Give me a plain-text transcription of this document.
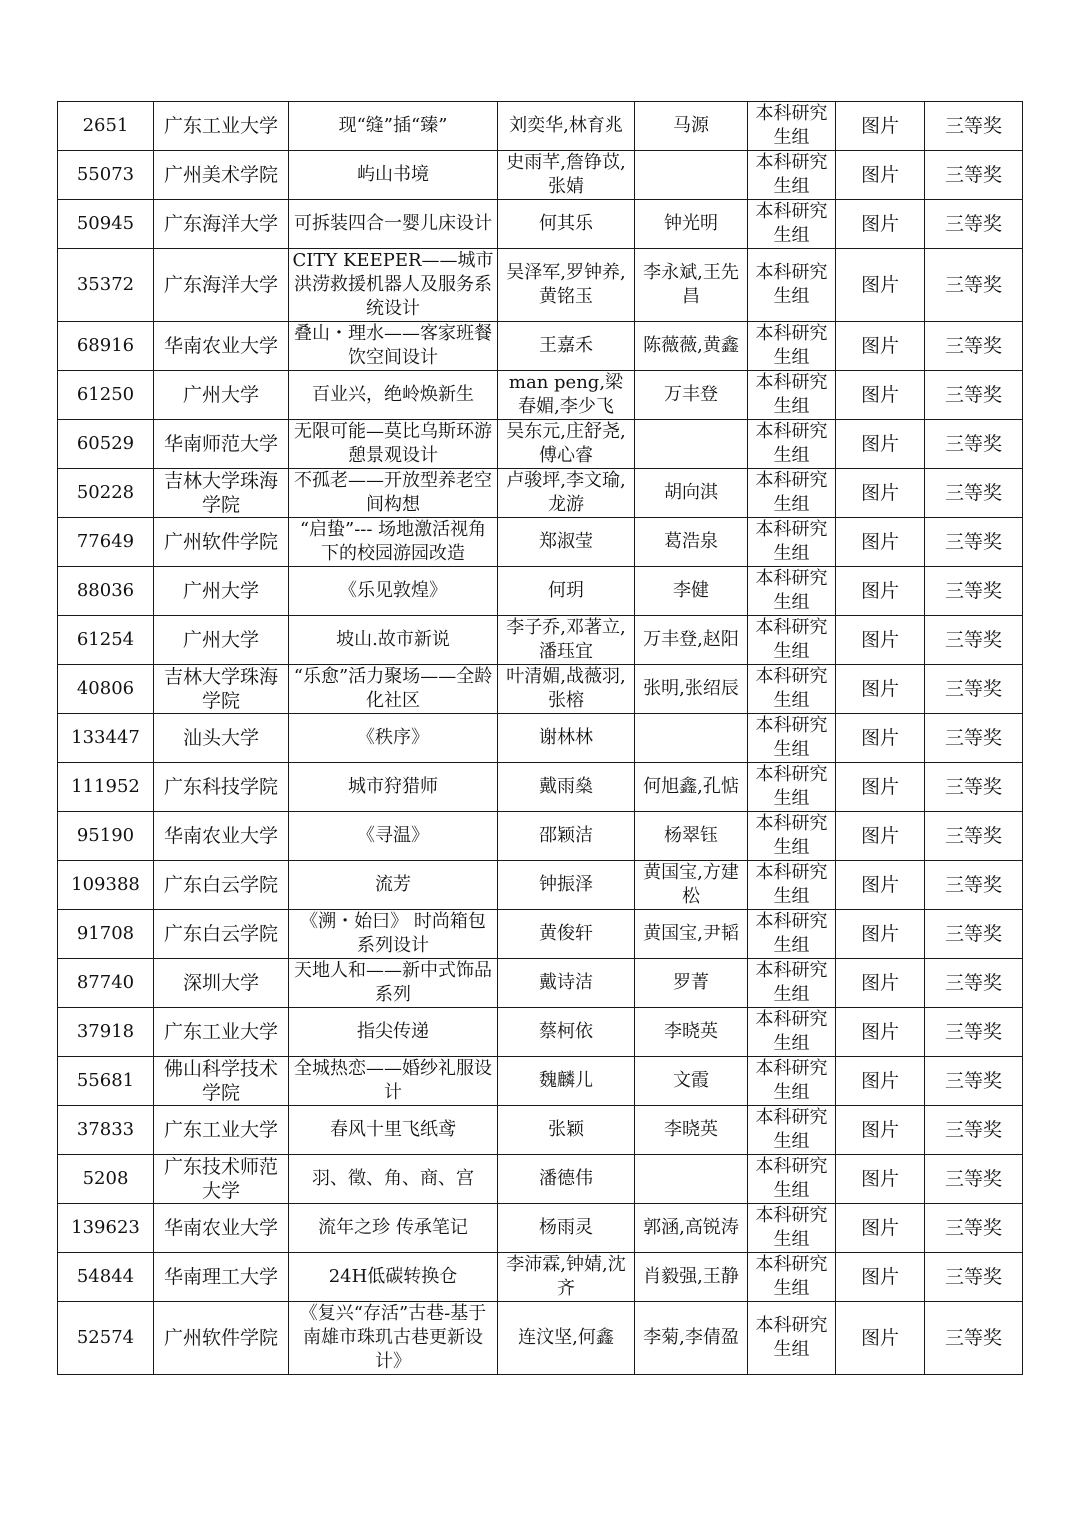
2651	广东工业大学	现“缝”插“臻”	刘奕华,林育兆	马源	本科研究生组	图片	三等奖
55073	广州美术学院	屿山书境	史雨芊,詹铮苡,张婧		本科研究生组	图片	三等奖
50945	广东海洋大学	可拆装四合一婴儿床设计	何其乐	钟光明	本科研究生组	图片	三等奖
35372	广东海洋大学	CITY KEEPER——城市洪涝救援机器人及服务系统设计	吴泽军,罗钟养,黄铭玉	李永斌,王先昌	本科研究生组	图片	三等奖
68916	华南农业大学	叠山・理水——客家班餐饮空间设计	王嘉禾	陈薇薇,黄鑫	本科研究生组	图片	三等奖
61250	广州大学	百业兴，绝岭焕新生	man peng,梁春媚,李少飞	万丰登	本科研究生组	图片	三等奖
60529	华南师范大学	无限可能—莫比乌斯环游憩景观设计	吴东元,庄舒尧,傅心睿		本科研究生组	图片	三等奖
50228	吉林大学珠海学院	不孤老——开放型养老空间构想	卢骏坪,李文瑜,龙游	胡向淇	本科研究生组	图片	三等奖
77649	广州软件学院	“启蛰”--- 场地激活视角下的校园游园改造	郑淑莹	葛浩泉	本科研究生组	图片	三等奖
88036	广州大学	《乐见敦煌》	何玥	李健	本科研究生组	图片	三等奖
61254	广州大学	坡山.故市新说	李子乔,邓著立,潘珏宜	万丰登,赵阳	本科研究生组	图片	三等奖
40806	吉林大学珠海学院	“乐愈”活力聚场——全龄化社区	叶清媚,战薇羽,张榕	张明,张绍辰	本科研究生组	图片	三等奖
133447	汕头大学	《秩序》	谢林林		本科研究生组	图片	三等奖
111952	广东科技学院	城市狩猎师	戴雨燊	何旭鑫,孔惦	本科研究生组	图片	三等奖
95190	华南农业大学	《寻温》	邵颖洁	杨翠钰	本科研究生组	图片	三等奖
109388	广东白云学院	流芳	钟振泽	黄国宝,方建松	本科研究生组	图片	三等奖
91708	广东白云学院	《溯・始曰》 时尚箱包系列设计	黄俊轩	黄国宝,尹韬	本科研究生组	图片	三等奖
87740	深圳大学	天地人和——新中式饰品系列	戴诗洁	罗菁	本科研究生组	图片	三等奖
37918	广东工业大学	指尖传递	蔡柯依	李晓英	本科研究生组	图片	三等奖
55681	佛山科学技术学院	全城热恋——婚纱礼服设计	魏麟儿	文霞	本科研究生组	图片	三等奖
37833	广东工业大学	春风十里飞纸鸢	张颖	李晓英	本科研究生组	图片	三等奖
5208	广东技术师范大学	羽、徵、角、商、宫	潘德伟		本科研究生组	图片	三等奖
139623	华南农业大学	流年之珍 传承笔记	杨雨灵	郭涵,高锐涛	本科研究生组	图片	三等奖
54844	华南理工大学	24H低碳转换仓	李沛霖,钟婧,沈齐	肖毅强,王静	本科研究生组	图片	三等奖
52574	广州软件学院	《复兴“存活”古巷-基于南雄市珠玑古巷更新设计》	连汶坚,何鑫	李菊,李倩盈	本科研究生组	图片	三等奖
